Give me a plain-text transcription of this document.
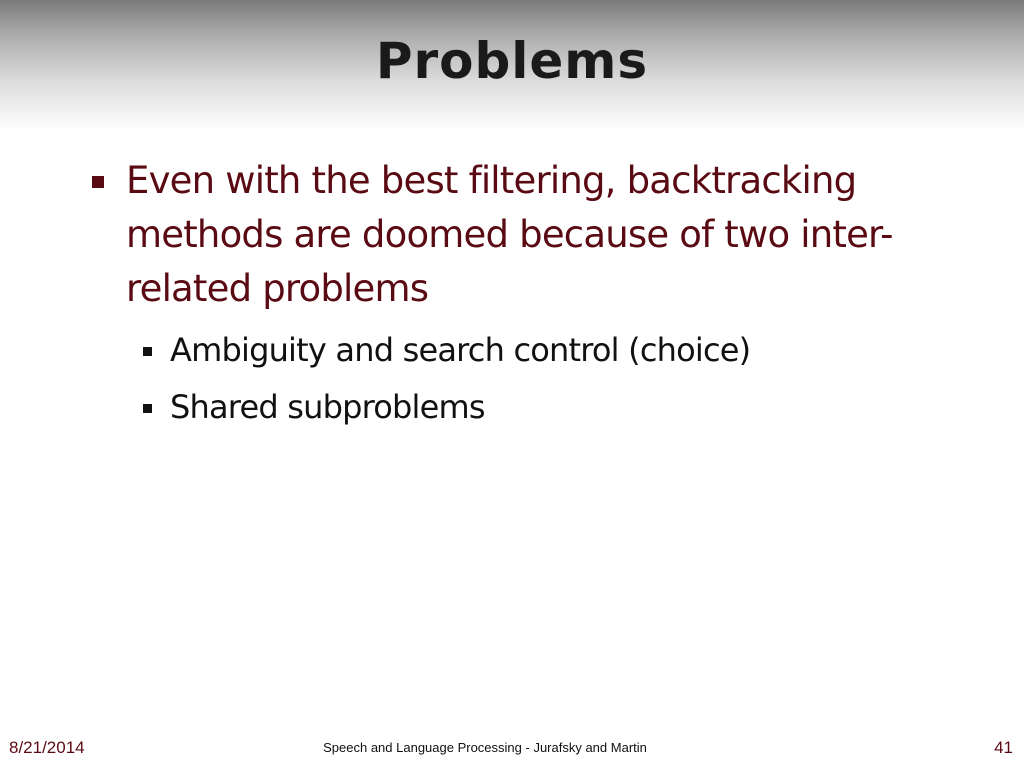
Problems
Even with the best filtering, backtracking methods are doomed because of two inter-related problems
Ambiguity and search control (choice)
Shared subproblems
8/21/2014	Speech and Language Processing - Jurafsky and Martin	41
